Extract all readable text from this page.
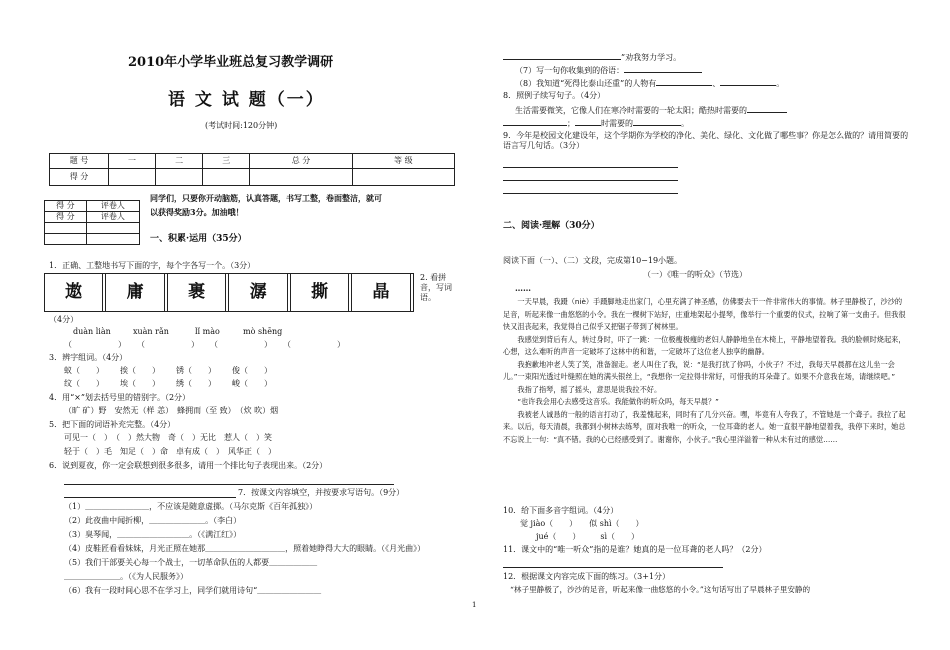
2010年小学毕业班总复习教学调研
语 文 试 题（一）
(考试时间:120分钟)
题 号	一	二	三	总 分	等 级
得 分					
得 分	评卷人
得 分	评卷人

同学们，只要你开动脑筋，认真答题，书写工整，卷面整洁，就可
以获得奖励3分。加油哦！
一、积累·运用（35分）
1．正确、工整地书写下面的字，每个字各写一个。（3分）
遨		庸		裹		潺		撕		晶	
2. 看拼音，写词语。
（4分）
duàn liàn	xuàn rǎn	lǐ mào	mò shēng
（　　　　　）　　（　　　　　）　　（　　　　　）　　（　　　　　）
3．辨字组词。（4分）
蚁（　　） 挨（　　） 锈（　　） 俊（　　）
纹（　　） 埃（　　） 绣（　　） 峻（　　）
4．用“×”划去括号里的错别字。（2分）
（旷 矿）野　安然无（样 恙）　蜂拥而（至 致）　（炊 吹）烟
5．把下面的词语补充完整。（4分）
可见一（　）　（　）然大物　奇（　）无比　惹人（　）笑
轻于（　）毛　知足（　）命　卓有成（　）　风华正（　）
6．说到夏夜，你一定会联想到很多很多，请用一个排比句子表现出来。（2分）
7．按课文内容填空，并按要求写语句。（9分）
（1）＿＿＿＿＿＿＿＿，不应该是随意虚掷。（马尔克斯《百年孤独》）
（2）此夜曲中闻折柳，＿＿＿＿＿＿＿。（李白）
（3）臭琴闻，＿＿＿＿＿＿＿＿＿。（《满江红》）
（4）皮鞋匠看看妹妹，月光正照在她那＿＿＿＿＿＿＿＿＿＿，照着她睁得大大的眼睛。（《月光曲》）
（5）我们干部要关心每一个战士，一切革命队伍的人都要＿＿＿＿＿＿
＿＿＿＿＿＿＿。（《为人民服务》）
（6）我有一段时间心思不在学习上，同学们就用诗句“＿＿＿＿＿＿＿＿
”劝我努力学习。
（7）写一句你收集到的俗语：
（8）我知道“死得比泰山还重”的人物有	、	。
8．照例子续写句子。（4分）
生活需要微笑，它像人们在寒冷时需要的一轮太阳；酷热时需要的
；	时需要的	。
9．今年是校园文化建设年，这个学期你为学校的净化、美化、绿化、文化做了哪些事？你是怎么做的？请用简要的语言写几句话。（3分）
二、阅读·理解（30分）
阅读下面（一）、（二）文段，完成第10−19小题。
（一）《唯一的听众》（节选）
……
一天早晨，我蹑（niè）手蹑脚地走出家门，心里充满了神圣感，仿佛要去干一件非常伟大的事情。林子里静极了，沙沙的足音，听起来像一曲悠悠的小令。我在一棵树下站好，庄重地架起小提琴，像举行一个重要的仪式，拉响了第一支曲子。但我很快又沮丧起来，我觉得自己似乎又把锯子带到了树林里。
我感觉到背后有人，转过身时，吓了一跳：一位极瘦极瘦的老妇人静静地坐在木椅上，平静地望着我。我的脸顿时烧起来，心想，这么难听的声音一定破坏了这林中的和谐，一定破坏了这位老人独享的幽静。
我抱歉地冲老人笑了笑，准备溜走。老人叫住了我，说：“是我打扰了你吗，小伙子？不过，我每天早晨都在这儿坐一会儿。”一束阳光透过叶缝照在她的满头银丝上，“我想你一定拉得非常好，可惜我的耳朵聋了。如果不介意我在场，请继续吧。”
我指了指琴，摇了摇头，意思是说我拉不好。
“也许我会用心去感受这音乐。我能做你的听众吗，每天早晨？”
我被老人诚恳的一般的语言打动了，我羞愧起来，同时有了几分兴奋。嘿，毕竟有人夸我了，不管她是一个聋子。我拉了起来。以后，每天清晨，我都到小树林去练琴，面对我唯一的听众，一位耳聋的老人。她一直很平静地望着我，我停下来时，她总不忘说上一句：“真不错。我的心已经感受到了。谢谢你，小伙子。”我心里洋溢着一种从未有过的感觉……
10．给下面多音字组词。（4分）
觉 jiào（　　）　　似 shì（　　）
jué（　　）　　　sì（　　）
11．课文中的“唯一听众”指的是谁？她真的是一位耳聋的老人吗？（2分）
12．根据课文内容完成下面的练习。（3+1分）
“林子里静极了，沙沙的足音，听起来像一曲悠悠的小令。”这句话写出了早晨林子里安静的
1
